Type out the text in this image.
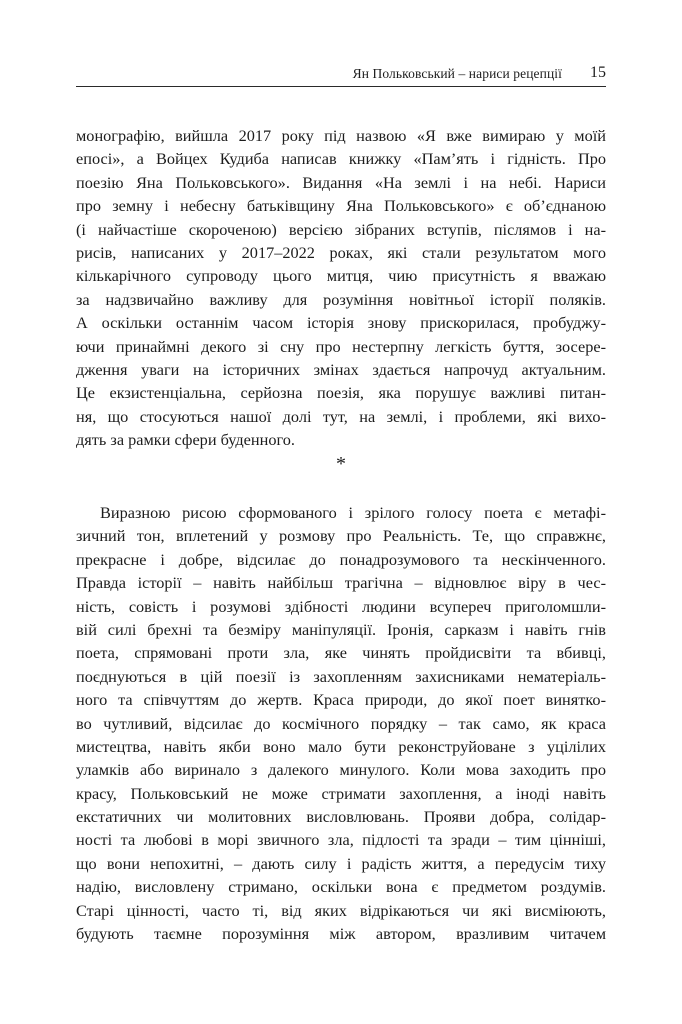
Ян Польковський – нариси рецепції 15
монографію, вийшла 2017 року під назвою «Я вже вимираю у моїй
епосі», а Войцех Кудиба написав книжку «Пам’ять і гідність. Про
поезію Яна Польковського». Видання «На землі і на небі. Нариси
про земну і небесну батьківщину Яна Польковського» є об’єднаною
(і найчастіше скороченою) версією зібраних вступів, післямов і на-
рисів, написаних у 2017–2022 роках, які стали результатом мого
кількарічного супроводу цього митця, чию присутність я вважаю
за надзвичайно важливу для розуміння новітньої історії поляків.
А оскільки останнім часом історія знову прискорилася, пробуджу-
ючи принаймні декого зі сну про нестерпну легкість буття, зосере-
дження уваги на історичних змінах здається напрочуд актуальним.
Це екзистенціальна, серйозна поезія, яка порушує важливі питан-
ня, що стосуються нашої долі тут, на землі, і проблеми, які вихо-
дять за рамки сфери буденного.
*
Виразною рисою сформованого і зрілого голосу поета є метафі-
зичний тон, вплетений у розмову про Реальність. Те, що справжнє,
прекрасне і добре, відсилає до понадрозумового та нескінченного.
Правда історії – навіть найбільш трагічна – відновлює віру в чес-
ність, совість і розумові здібності людини всупереч приголомшли-
вій силі брехні та безміру маніпуляції. Іронія, сарказм і навіть гнів
поета, спрямовані проти зла, яке чинять пройдисвіти та вбивці,
поєднуються в цій поезії із захопленням захисниками нематеріаль-
ного та співчуттям до жертв. Краса природи, до якої поет винятко-
во чутливий, відсилає до космічного порядку – так само, як краса
мистецтва, навіть якби воно мало бути реконструйоване з уцілілих
уламків або виринало з далекого минулого. Коли мова заходить про
красу, Польковський не може стримати захоплення, а іноді навіть
екстатичних чи молитовних висловлювань. Прояви добра, солідар-
ності та любові в морі звичного зла, підлості та зради – тим цінніші,
що вони непохитні, – дають силу і радість життя, а передусім тиху
надію, висловлену стримано, оскільки вона є предметом роздумів.
Старі цінності, часто ті, від яких відрікаються чи які висміюють,
будують таємне порозуміння між автором, вразливим читачем
